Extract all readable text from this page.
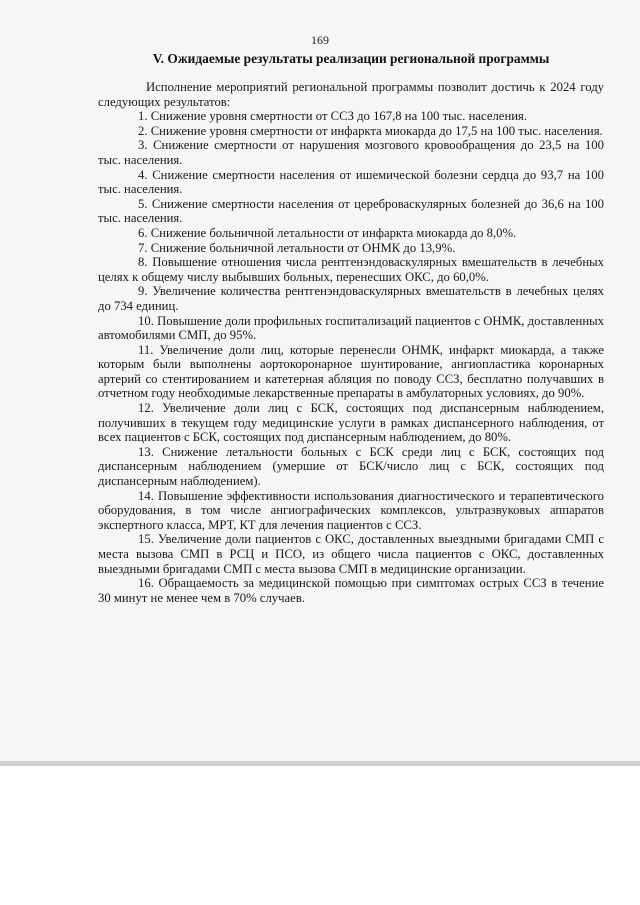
169
V. Ожидаемые результаты реализации региональной программы

Исполнение мероприятий региональной программы позволит достичь к 2024 году следующих результатов:

1. Снижение уровня смертности от ССЗ до 167,8 на 100 тыс. населения.

2. Снижение уровня смертности от инфаркта миокарда до 17,5 на 100 тыс. населения.

3. Снижение смертности от нарушения мозгового кровообращения до 23,5 на 100 тыс. населения.

4. Снижение смертности населения от ишемической болезни сердца до 93,7 на 100 тыс. населения.

5. Снижение смертности населения от цереброваскулярных болезней до 36,6 на 100 тыс. населения.

6. Снижение больничной летальности от инфаркта миокарда до 8,0%.

7. Снижение больничной летальности от ОНМК до 13,9%.

8. Повышение отношения числа рентгенэндоваскулярных вмешательств в лечебных целях к общему числу выбывших больных, перенесших ОКС, до 60,0%.

9. Увеличение количества рентгенэндоваскулярных вмешательств в лечебных целях до 734 единиц.

10. Повышение доли профильных госпитализаций пациентов с ОНМК, доставленных автомобилями СМП, до 95%.

11. Увеличение доли лиц, которые перенесли ОНМК, инфаркт миокарда, а также которым были выполнены аортокоронарное шунтирование, ангиопластика коронарных артерий со стентированием и катетерная абляция по поводу ССЗ, бесплатно получавших в отчетном году необходимые лекарственные препараты в амбулаторных условиях, до 90%.

12. Увеличение доли лиц с БСК, состоящих под диспансерным наблюдением, получивших в текущем году медицинские услуги в рамках диспансерного наблюдения, от всех пациентов с БСК, состоящих под диспансерным наблюдением, до 80%.

13. Снижение летальности больных с БСК среди лиц с БСК, состоящих под диспансерным наблюдением (умершие от БСК/число лиц с БСК, состоящих под диспансерным наблюдением).

14. Повышение эффективности использования диагностического и терапевтического оборудования, в том числе ангиографических комплексов, ультразвуковых аппаратов экспертного класса, МРТ, КТ для лечения пациентов с ССЗ.

15. Увеличение доли пациентов с ОКС, доставленных выездными бригадами СМП с места вызова СМП в РСЦ и ПСО, из общего числа пациентов с ОКС, доставленных выездными бригадами СМП с места вызова СМП в медицинские организации.

16. Обращаемость за медицинской помощью при симптомах острых ССЗ в течение 30 минут не менее чем в 70% случаев.
